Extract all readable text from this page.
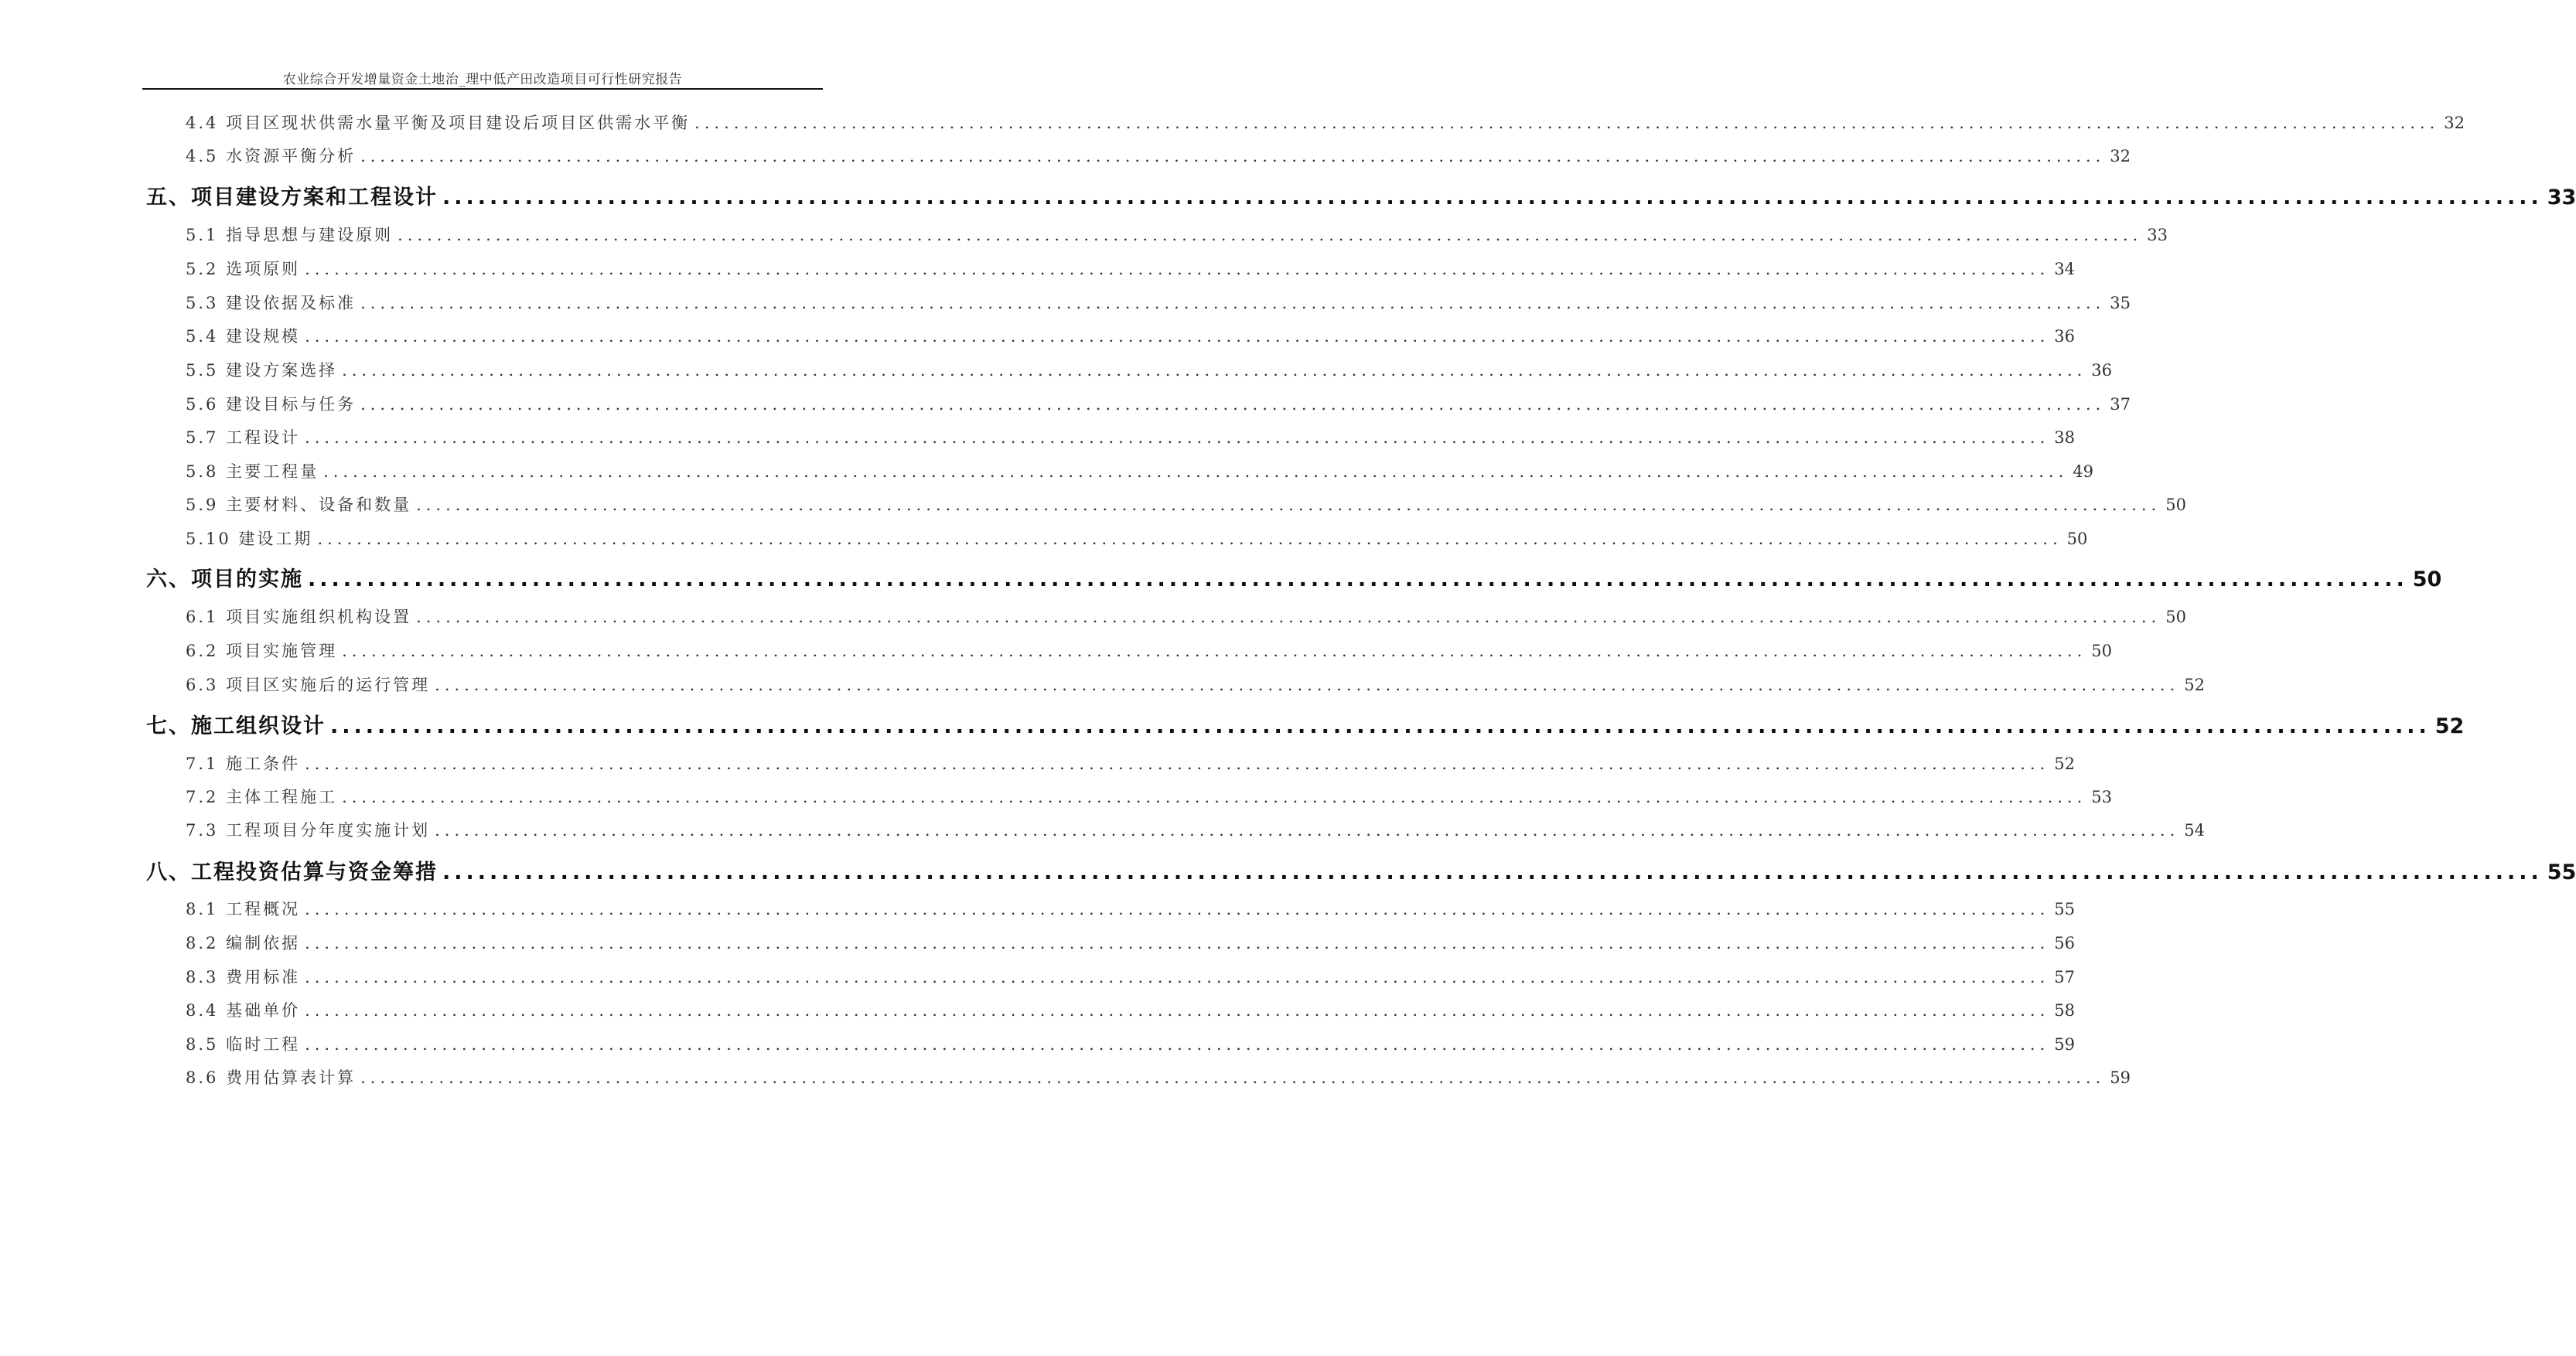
农业综合开发增量资金土地治_理中低产田改造项目可行性研究报告
4.4 项目区现状供需水量平衡及项目建设后项目区供需水平衡 .................................................................................................................................................................................. 32
4.5 水资源平衡分析 .................................................................................................................................................................................. 32
五、项目建设方案和工程设计 .................................................................................................................................................................................. 33
5.1 指导思想与建设原则 .................................................................................................................................................................................. 33
5.2 选项原则 .................................................................................................................................................................................. 34
5.3 建设依据及标准 .................................................................................................................................................................................. 35
5.4 建设规模 .................................................................................................................................................................................. 36
5.5 建设方案选择 .................................................................................................................................................................................. 36
5.6 建设目标与任务 .................................................................................................................................................................................. 37
5.7 工程设计 .................................................................................................................................................................................. 38
5.8 主要工程量 .................................................................................................................................................................................. 49
5.9 主要材料、设备和数量 .................................................................................................................................................................................. 50
5.10 建设工期 .................................................................................................................................................................................. 50
六、项目的实施 .................................................................................................................................................................................. 50
6.1 项目实施组织机构设置 .................................................................................................................................................................................. 50
6.2 项目实施管理 .................................................................................................................................................................................. 50
6.3 项目区实施后的运行管理 .................................................................................................................................................................................. 52
七、施工组织设计 .................................................................................................................................................................................. 52
7.1 施工条件 .................................................................................................................................................................................. 52
7.2 主体工程施工 .................................................................................................................................................................................. 53
7.3 工程项目分年度实施计划 .................................................................................................................................................................................. 54
八、工程投资估算与资金筹措 .................................................................................................................................................................................. 55
8.1 工程概况 .................................................................................................................................................................................. 55
8.2 编制依据 .................................................................................................................................................................................. 56
8.3 费用标准 .................................................................................................................................................................................. 57
8.4 基础单价 .................................................................................................................................................................................. 58
8.5 临时工程 .................................................................................................................................................................................. 59
8.6 费用估算表计算 .................................................................................................................................................................................. 59
